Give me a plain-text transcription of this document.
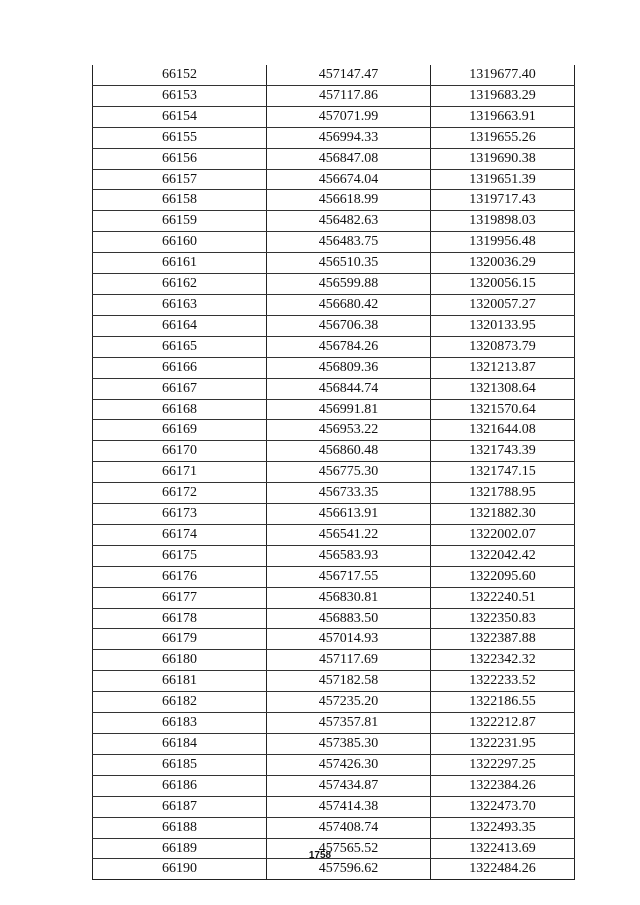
66152	457147.47	1319677.40
66153	457117.86	1319683.29
66154	457071.99	1319663.91
66155	456994.33	1319655.26
66156	456847.08	1319690.38
66157	456674.04	1319651.39
66158	456618.99	1319717.43
66159	456482.63	1319898.03
66160	456483.75	1319956.48
66161	456510.35	1320036.29
66162	456599.88	1320056.15
66163	456680.42	1320057.27
66164	456706.38	1320133.95
66165	456784.26	1320873.79
66166	456809.36	1321213.87
66167	456844.74	1321308.64
66168	456991.81	1321570.64
66169	456953.22	1321644.08
66170	456860.48	1321743.39
66171	456775.30	1321747.15
66172	456733.35	1321788.95
66173	456613.91	1321882.30
66174	456541.22	1322002.07
66175	456583.93	1322042.42
66176	456717.55	1322095.60
66177	456830.81	1322240.51
66178	456883.50	1322350.83
66179	457014.93	1322387.88
66180	457117.69	1322342.32
66181	457182.58	1322233.52
66182	457235.20	1322186.55
66183	457357.81	1322212.87
66184	457385.30	1322231.95
66185	457426.30	1322297.25
66186	457434.87	1322384.26
66187	457414.38	1322473.70
66188	457408.74	1322493.35
66189	457565.52	1322413.69
66190	457596.62	1322484.26
1758
